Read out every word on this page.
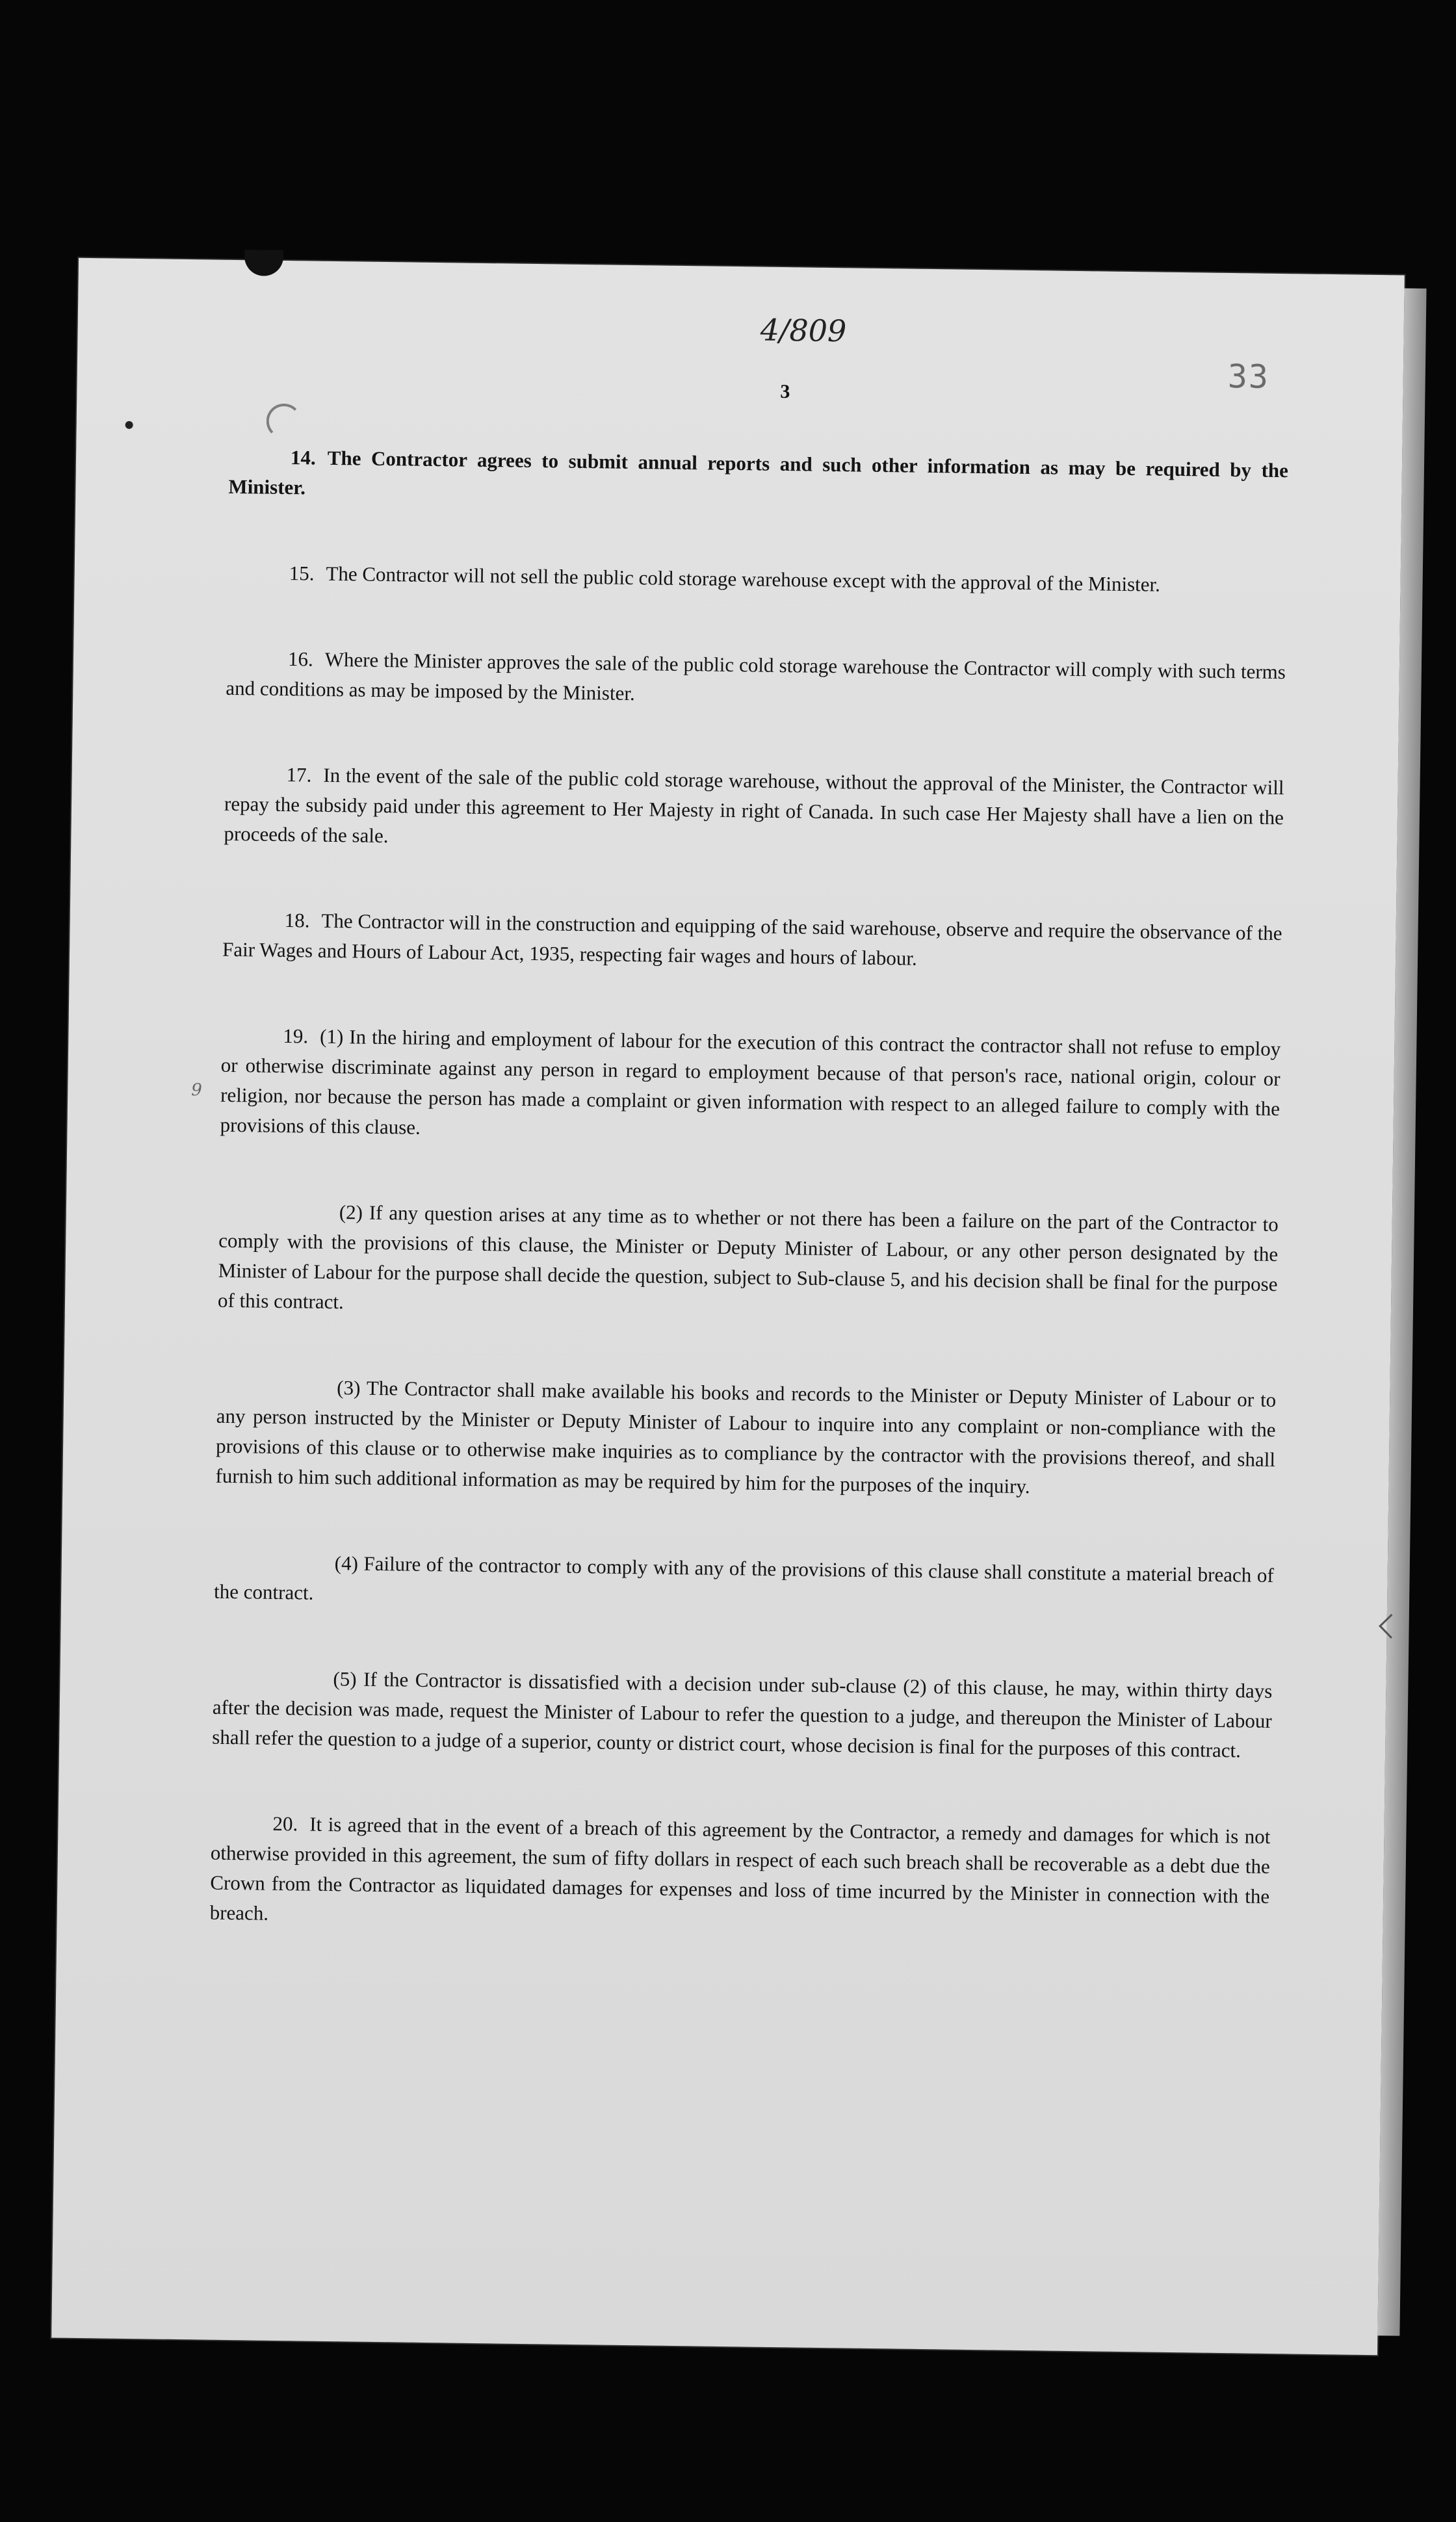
4/809
33
3
9

14. The Contractor agrees to submit annual reports and such other information as may be required by the Minister.

15. The Contractor will not sell the public cold storage warehouse except with the approval of the Minister.

16. Where the Minister approves the sale of the public cold storage warehouse the Contractor will comply with such terms and conditions as may be imposed by the Minister.

17. In the event of the sale of the public cold storage warehouse, without the approval of the Minister, the Contractor will repay the subsidy paid under this agreement to Her Majesty in right of Canada. In such case Her Majesty shall have a lien on the proceeds of the sale.

18. The Contractor will in the construction and equipping of the said warehouse, observe and require the observance of the Fair Wages and Hours of Labour Act, 1935, respecting fair wages and hours of labour.

19. (1) In the hiring and employment of labour for the execution of this contract the contractor shall not refuse to employ or otherwise discriminate against any person in regard to employment because of that person's race, national origin, colour or religion, nor because the person has made a complaint or given information with respect to an alleged failure to comply with the provisions of this clause.

(2) If any question arises at any time as to whether or not there has been a failure on the part of the Contractor to comply with the provisions of this clause, the Minister or Deputy Minister of Labour, or any other person designated by the Minister of Labour for the purpose shall decide the question, subject to Sub-clause 5, and his decision shall be final for the purpose of this contract.

(3) The Contractor shall make available his books and records to the Minister or Deputy Minister of Labour or to any person instructed by the Minister or Deputy Minister of Labour to inquire into any complaint or non-compliance with the provisions of this clause or to otherwise make inquiries as to compliance by the contractor with the provisions thereof, and shall furnish to him such additional information as may be required by him for the purposes of the inquiry.

(4) Failure of the contractor to comply with any of the provisions of this clause shall constitute a material breach of the contract.

(5) If the Contractor is dissatisfied with a decision under sub-clause (2) of this clause, he may, within thirty days after the decision was made, request the Minister of Labour to refer the question to a judge, and thereupon the Minister of Labour shall refer the question to a judge of a superior, county or district court, whose decision is final for the purposes of this contract.

20. It is agreed that in the event of a breach of this agreement by the Contractor, a remedy and damages for which is not otherwise provided in this agreement, the sum of fifty dollars in respect of each such breach shall be recoverable as a debt due the Crown from the Contractor as liquidated damages for expenses and loss of time incurred by the Minister in connection with the breach.
